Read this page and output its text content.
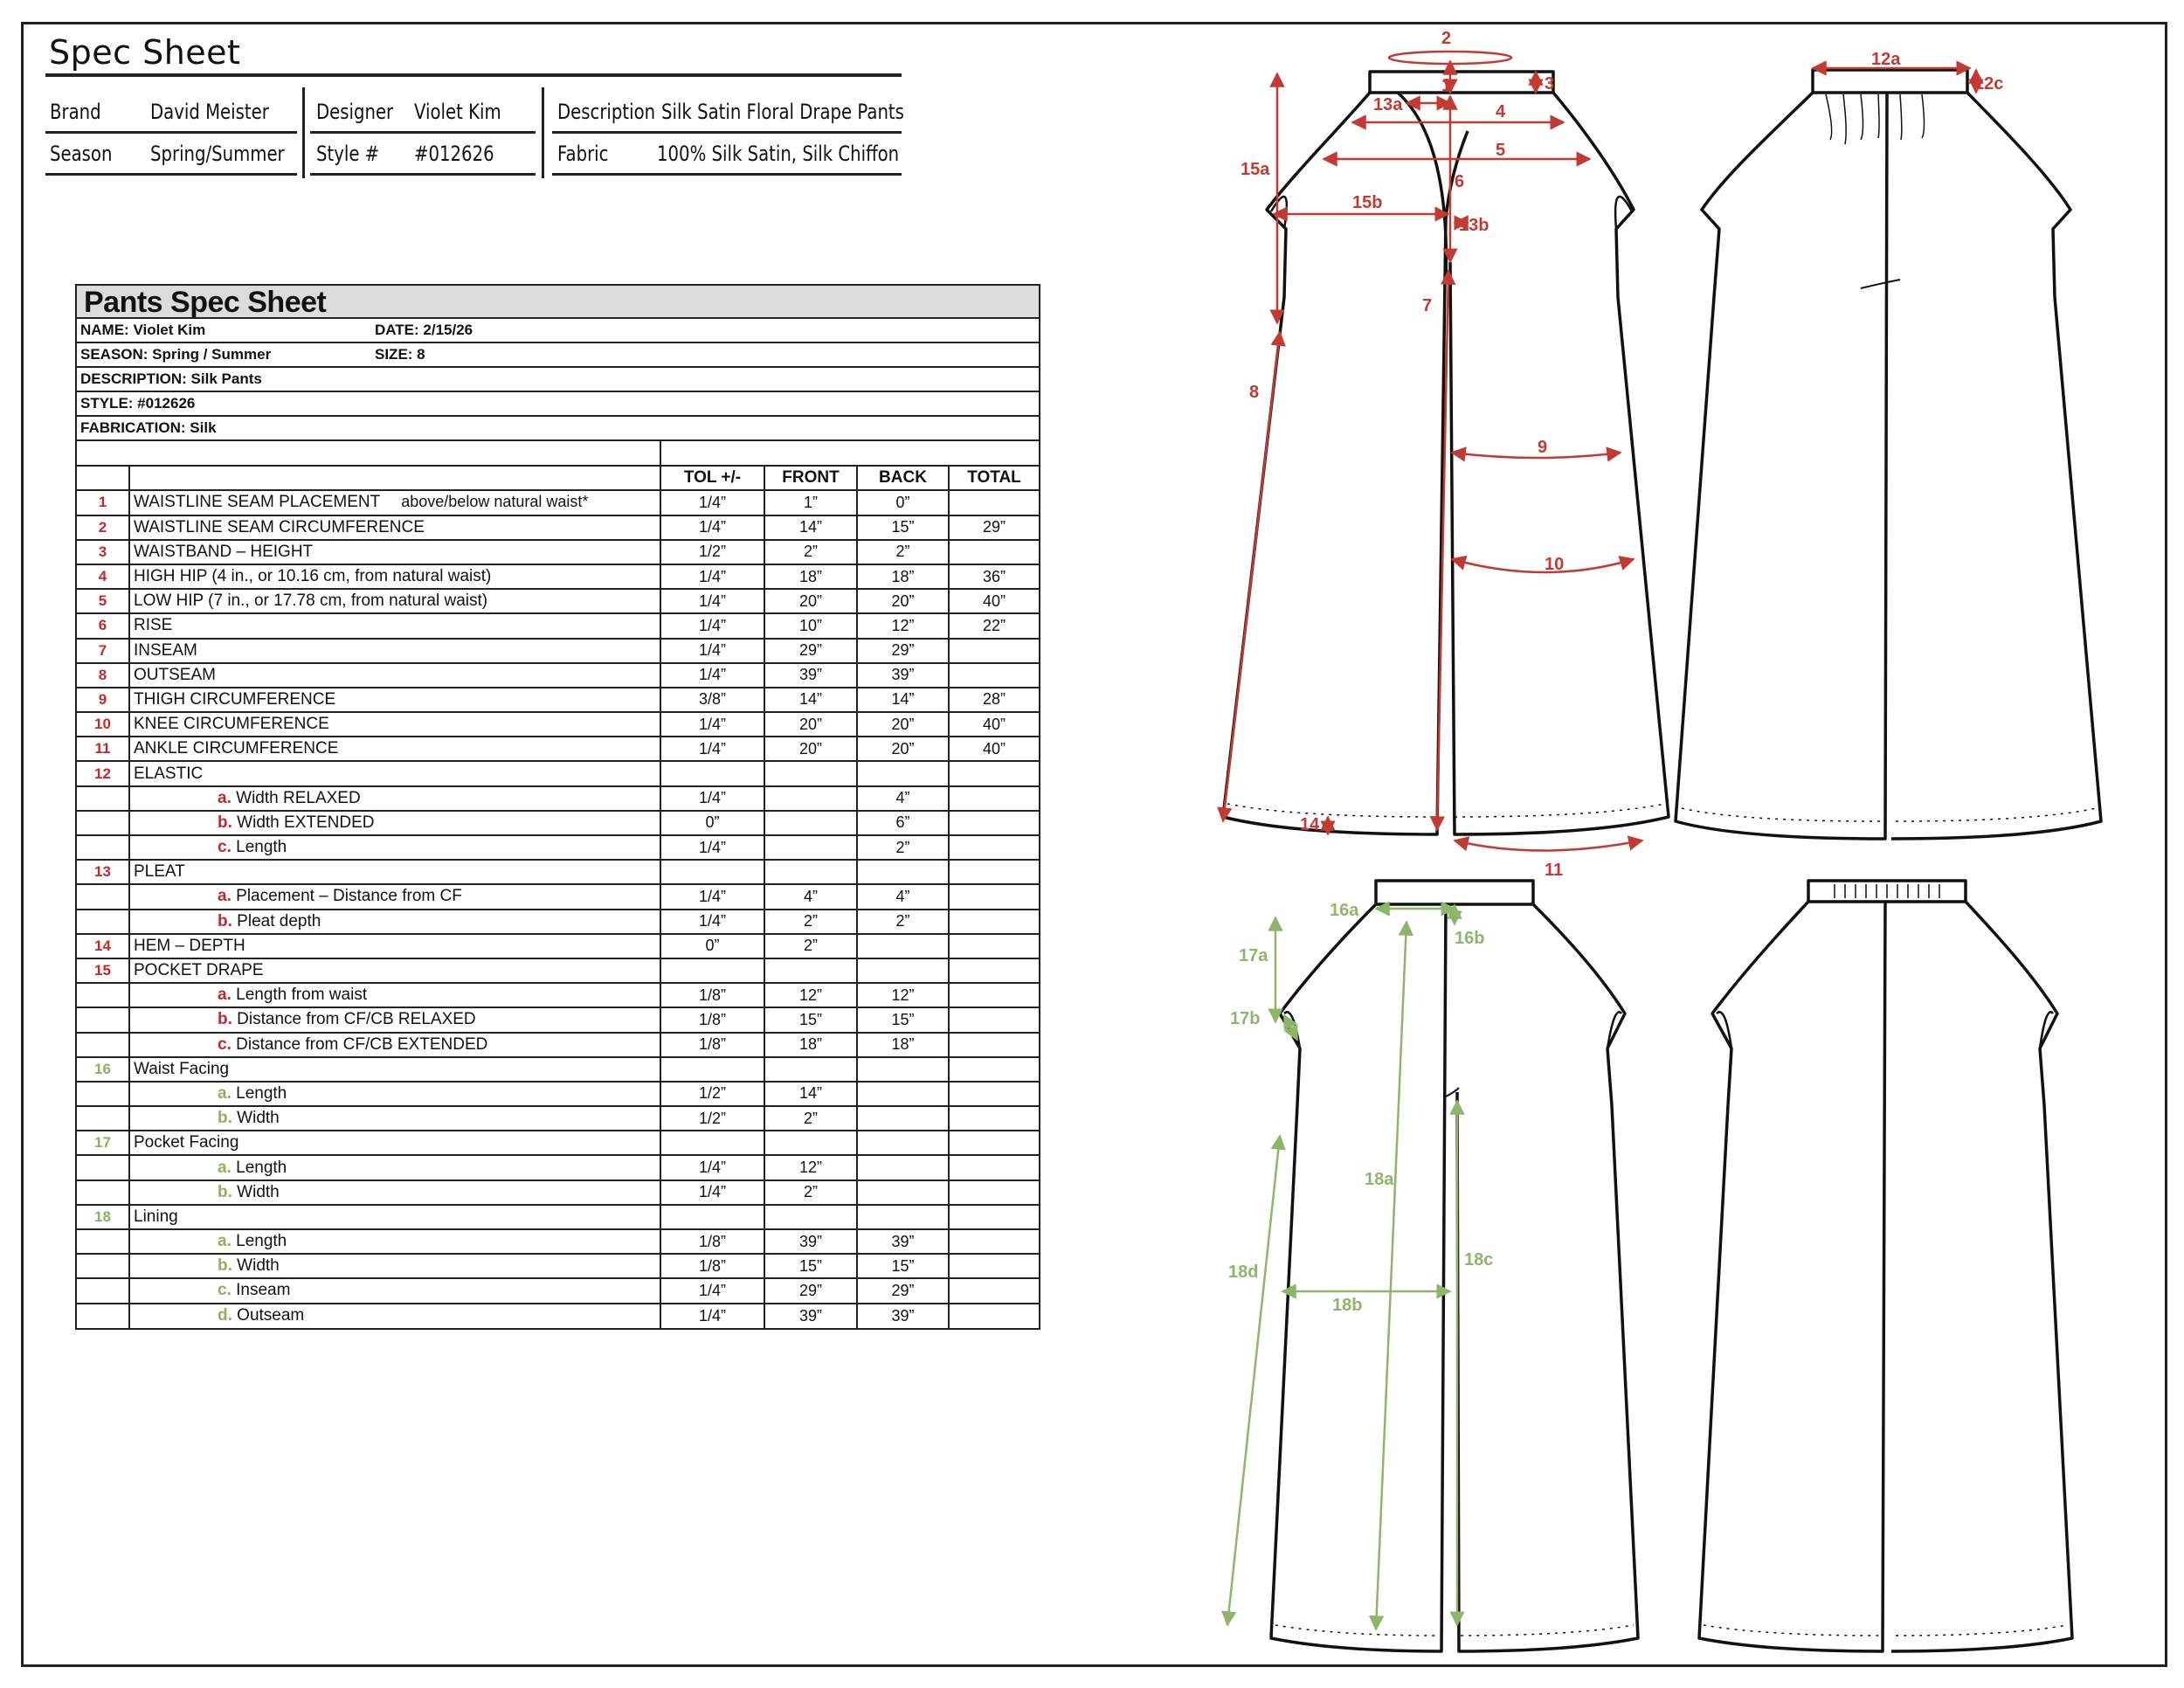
Spec Sheet
Brand David Meister
Season Spring/Summer
Designer Violet Kim
Style # #012626
Description Silk Satin Floral Drape Pants
Fabric 100% Silk Satin, Silk Chiffon
Pants Spec Sheet
NAME: Violet Kim	DATE: 2/15/26
SEASON: Spring / Summer	SIZE: 8
DESCRIPTION: Silk Pants
STYLE: #012626
FABRICATION: Silk

		TOL +/-	FRONT	BACK	TOTAL
1	WAISTLINE SEAM PLACEMENT above/below natural waist*	1/4”	1”	0”	
2	WAISTLINE SEAM CIRCUMFERENCE	1/4”	14”	15”	29”
3	WAISTBAND – HEIGHT	1/2”	2”	2”	
4	HIGH HIP (4 in., or 10.16 cm, from natural waist)	1/4”	18”	18”	36”
5	LOW HIP (7 in., or 17.78 cm, from natural waist)	1/4”	20”	20”	40”
6	RISE	1/4”	10”	12”	22”
7	INSEAM	1/4”	29”	29”	
8	OUTSEAM	1/4”	39”	39”	
9	THIGH CIRCUMFERENCE	3/8”	14”	14”	28”
10	KNEE CIRCUMFERENCE	1/4”	20”	20”	40”
11	ANKLE CIRCUMFERENCE	1/4”	20”	20”	40”
12	ELASTIC				
	a. Width RELAXED	1/4”		4”	
	b. Width EXTENDED	0”		6”	
	c. Length	1/4”		2”	
13	PLEAT				
	a. Placement – Distance from CF	1/4”	4”	4”	
	b. Pleat depth	1/4”	2”	2”	
14	HEM – DEPTH	0”	2”		
15	POCKET DRAPE				
	a. Length from waist	1/8”	12”	12”	
	b. Distance from CF/CB RELAXED	1/8”	15”	15”	
	c. Distance from CF/CB EXTENDED	1/8”	18”	18”	
16	Waist Facing				
	a. Length	1/2”	14”		
	b. Width	1/2”	2”		
17	Pocket Facing				
	a. Length	1/4”	12”		
	b. Width	1/4”	2”		
18	Lining				
	a. Length	1/8”	39”	39”	
	b. Width	1/8”	15”	15”	
	c. Inseam	1/4”	29”	29”	
	d. Outseam	1/4”	39”	39”	
2
1	3
13a	4
5
15a
6
15b
13b
7
8
9
10
14
11
12a
12c
16a
16b
17a
17b
18a
18c
18d
18b
